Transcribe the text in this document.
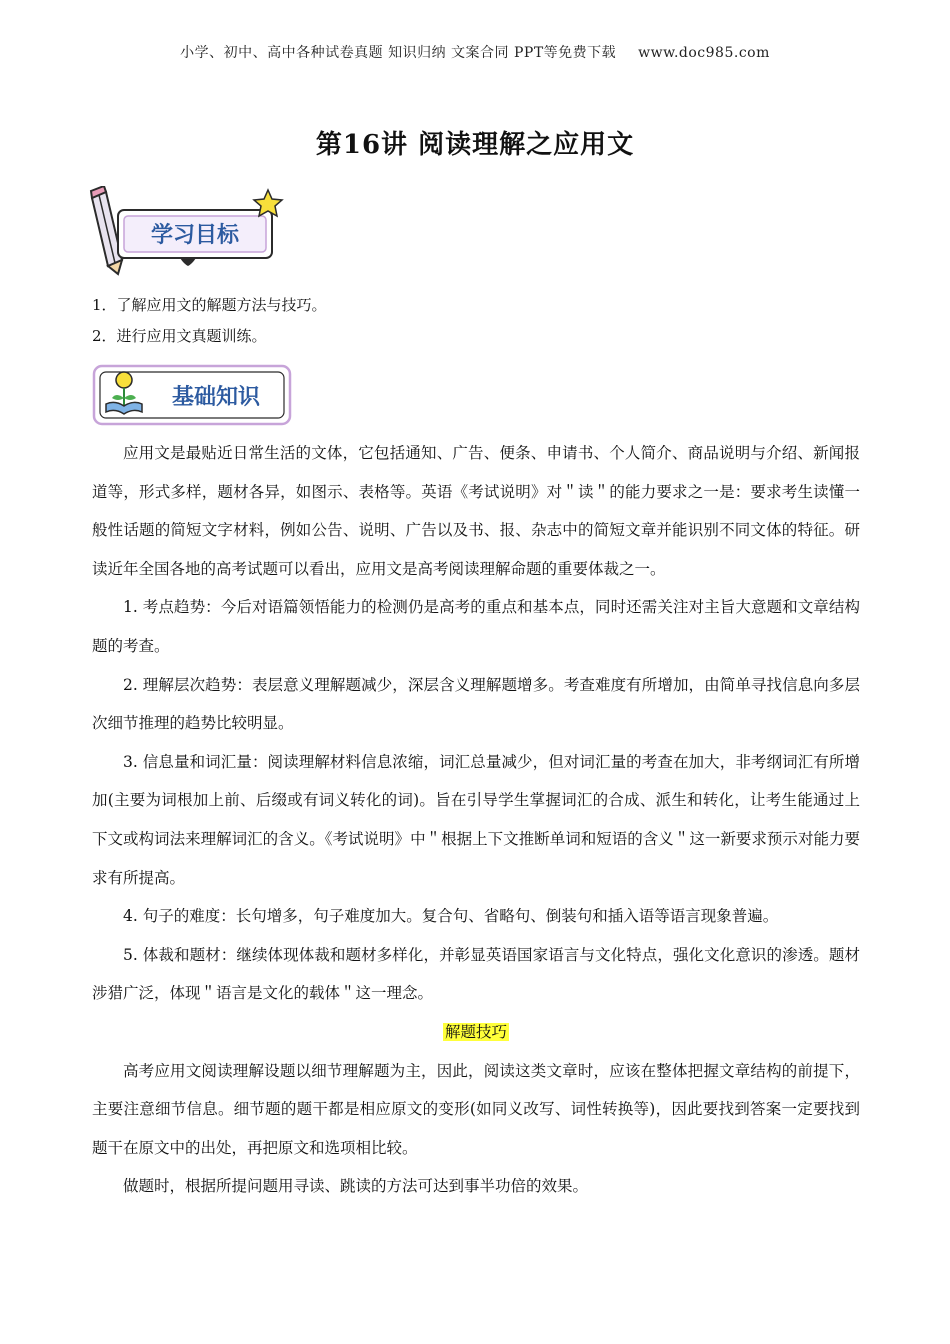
小学、初中、高中各种试卷真题 知识归纳 文案合同 PPT等免费下载 www.doc985.com
第16讲 阅读理解之应用文
学习目标
1．了解应用文的解题方法与技巧。
2．进行应用文真题训练。
基础知识

应用文是最贴近日常生活的文体，它包括通知、广告、便条、申请书、个人简介、商品说明与介绍、新闻报道等，形式多样，题材各异，如图示、表格等。英语《考试说明》对＂读＂的能力要求之一是：要求考生读懂一般性话题的简短文字材料，例如公告、说明、广告以及书、报、杂志中的简短文章并能识别不同文体的特征。研读近年全国各地的高考试题可以看出，应用文是高考阅读理解命题的重要体裁之一。

1. 考点趋势：今后对语篇领悟能力的检测仍是高考的重点和基本点，同时还需关注对主旨大意题和文章结构题的考查。

2. 理解层次趋势：表层意义理解题减少，深层含义理解题增多。考查难度有所增加，由简单寻找信息向多层次细节推理的趋势比较明显。

3. 信息量和词汇量：阅读理解材料信息浓缩，词汇总量减少，但对词汇量的考查在加大，非考纲词汇有所增加(主要为词根加上前、后缀或有词义转化的词)。旨在引导学生掌握词汇的合成、派生和转化，让考生能通过上下文或构词法来理解词汇的含义。《考试说明》中＂根据上下文推断单词和短语的含义＂这一新要求预示对能力要求有所提高。

4. 句子的难度：长句增多，句子难度加大。复合句、省略句、倒装句和插入语等语言现象普遍。

5. 体裁和题材：继续体现体裁和题材多样化，并彰显英语国家语言与文化特点，强化文化意识的渗透。题材涉猎广泛，体现＂语言是文化的载体＂这一理念。

解题技巧

高考应用文阅读理解设题以细节理解题为主，因此，阅读这类文章时，应该在整体把握文章结构的前提下，主要注意细节信息。细节题的题干都是相应原文的变形(如同义改写、词性转换等)，因此要找到答案一定要找到题干在原文中的出处，再把原文和选项相比较。

做题时，根据所提问题用寻读、跳读的方法可达到事半功倍的效果。
